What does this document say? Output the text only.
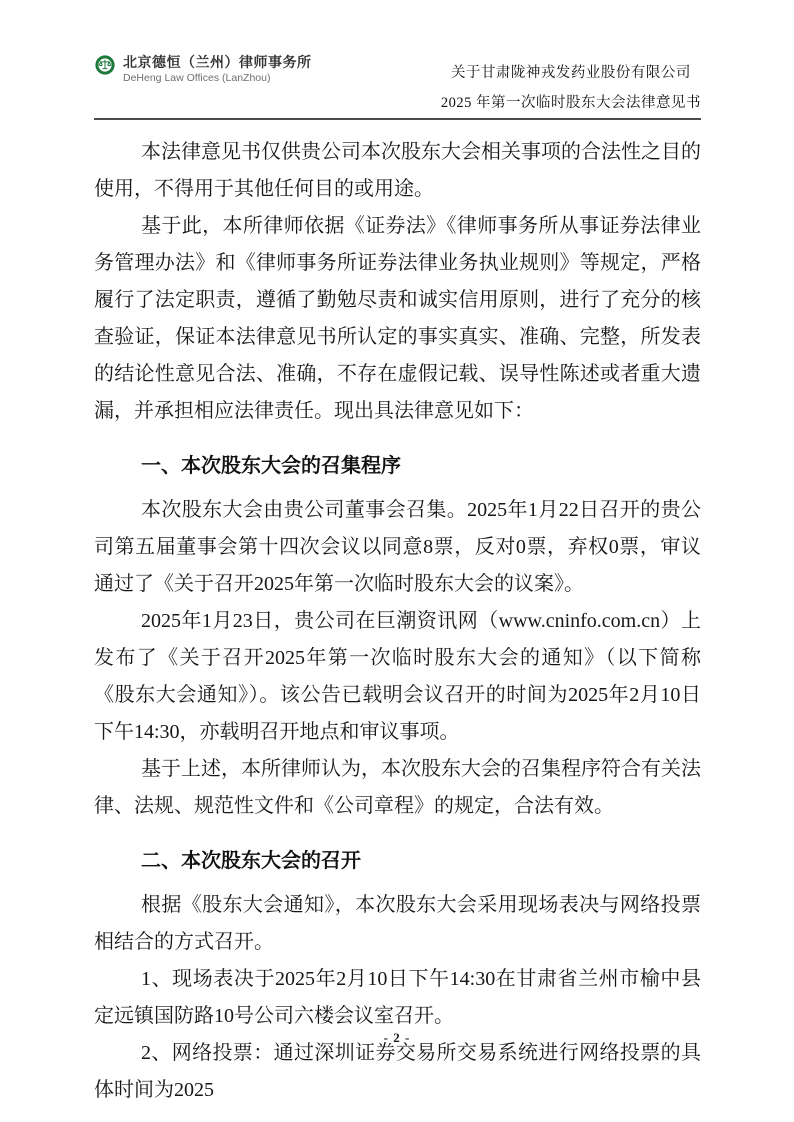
北京德恒（兰州）律师事务所
DeHeng Law Offices (LanZhou)	关于甘肃陇神戎发药业股份有限公司
2025 年第一次临时股东大会法律意见书

本法律意见书仅供贵公司本次股东大会相关事项的合法性之目的使用，不得用于其他任何目的或用途。

基于此，本所律师依据《证券法》《律师事务所从事证券法律业务管理办法》和《律师事务所证券法律业务执业规则》等规定，严格履行了法定职责，遵循了勤勉尽责和诚实信用原则，进行了充分的核查验证，保证本法律意见书所认定的事实真实、准确、完整，所发表的结论性意见合法、准确，不存在虚假记载、误导性陈述或者重大遗漏，并承担相应法律责任。现出具法律意见如下：

一、本次股东大会的召集程序

本次股东大会由贵公司董事会召集。2025年1月22日召开的贵公司第五届董事会第十四次会议以同意8票，反对0票，弃权0票，审议通过了《关于召开2025年第一次临时股东大会的议案》。

2025年1月23日，贵公司在巨潮资讯网（www.cninfo.com.cn）上发布了《关于召开2025年第一次临时股东大会的通知》（以下简称《股东大会通知》）。该公告已载明会议召开的时间为2025年2月10日下午14:30，亦载明召开地点和审议事项。

基于上述，本所律师认为，本次股东大会的召集程序符合有关法律、法规、规范性文件和《公司章程》的规定，合法有效。

二、本次股东大会的召开

根据《股东大会通知》，本次股东大会采用现场表决与网络投票相结合的方式召开。

1、现场表决于2025年2月10日下午14:30在甘肃省兰州市榆中县定远镇国防路10号公司六楼会议室召开。

2、网络投票：通过深圳证券交易所交易系统进行网络投票的具体时间为2025

- 2 -
